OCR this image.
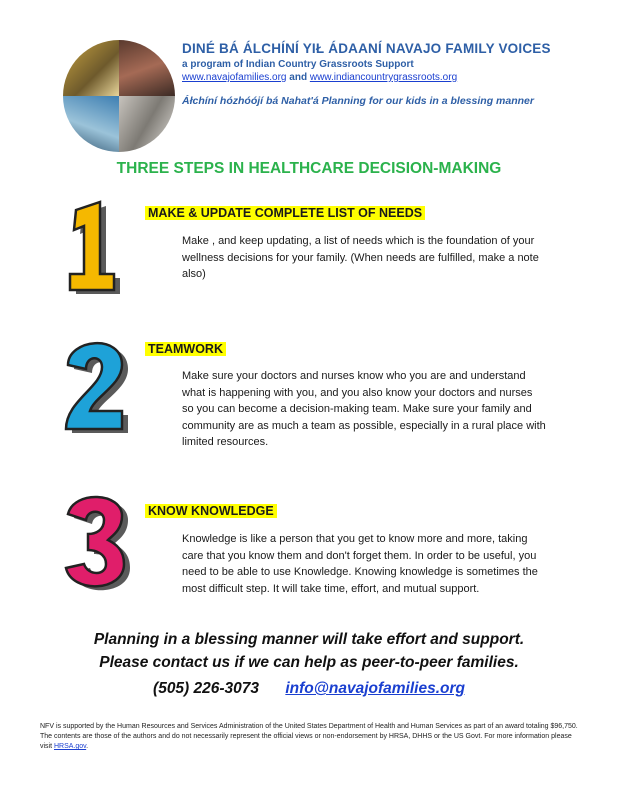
DINÉ BÁ ÁLCHÍNÍ YIŁ ÁDAANÍ NAVAJO FAMILY VOICES
a program of Indian Country Grassroots Support
www.navajofamilies.org and www.indiancountrygrassroots.org
Áłchíní hózhóójí bá Nahat'á Planning for our kids in a blessing manner
THREE STEPS IN HEALTHCARE DECISION-MAKING
MAKE & UPDATE COMPLETE LIST OF NEEDS
Make , and keep updating, a list of needs which is the foundation of your wellness decisions for your family. (When needs are fulfilled, make a note also)
TEAMWORK
Make sure your doctors and nurses know who you are and understand what is happening with you, and you also know your doctors and nurses so you can become a decision-making team. Make sure your family and community are as much a team as possible, especially in a rural place with limited resources.
KNOW KNOWLEDGE
Knowledge is like a person that you get to know more and more, taking care that you know them and don't forget them. In order to be useful, you need to be able to use Knowledge. Knowing knowledge is sometimes the most difficult step. It will take time, effort, and mutual support.
Planning in a blessing manner will take effort and support.
Please contact us if we can help as peer-to-peer families.
(505) 226-3073 info@navajofamilies.org
NFV is supported by the Human Resources and Services Administration of the United States Department of Health and Human Services as part of an award totaling $96,750. The contents are those of the authors and do not necessarily represent the official views or non-endorsement by HRSA, DHHS or the US Govt. For more information please visit HRSA.gov.
